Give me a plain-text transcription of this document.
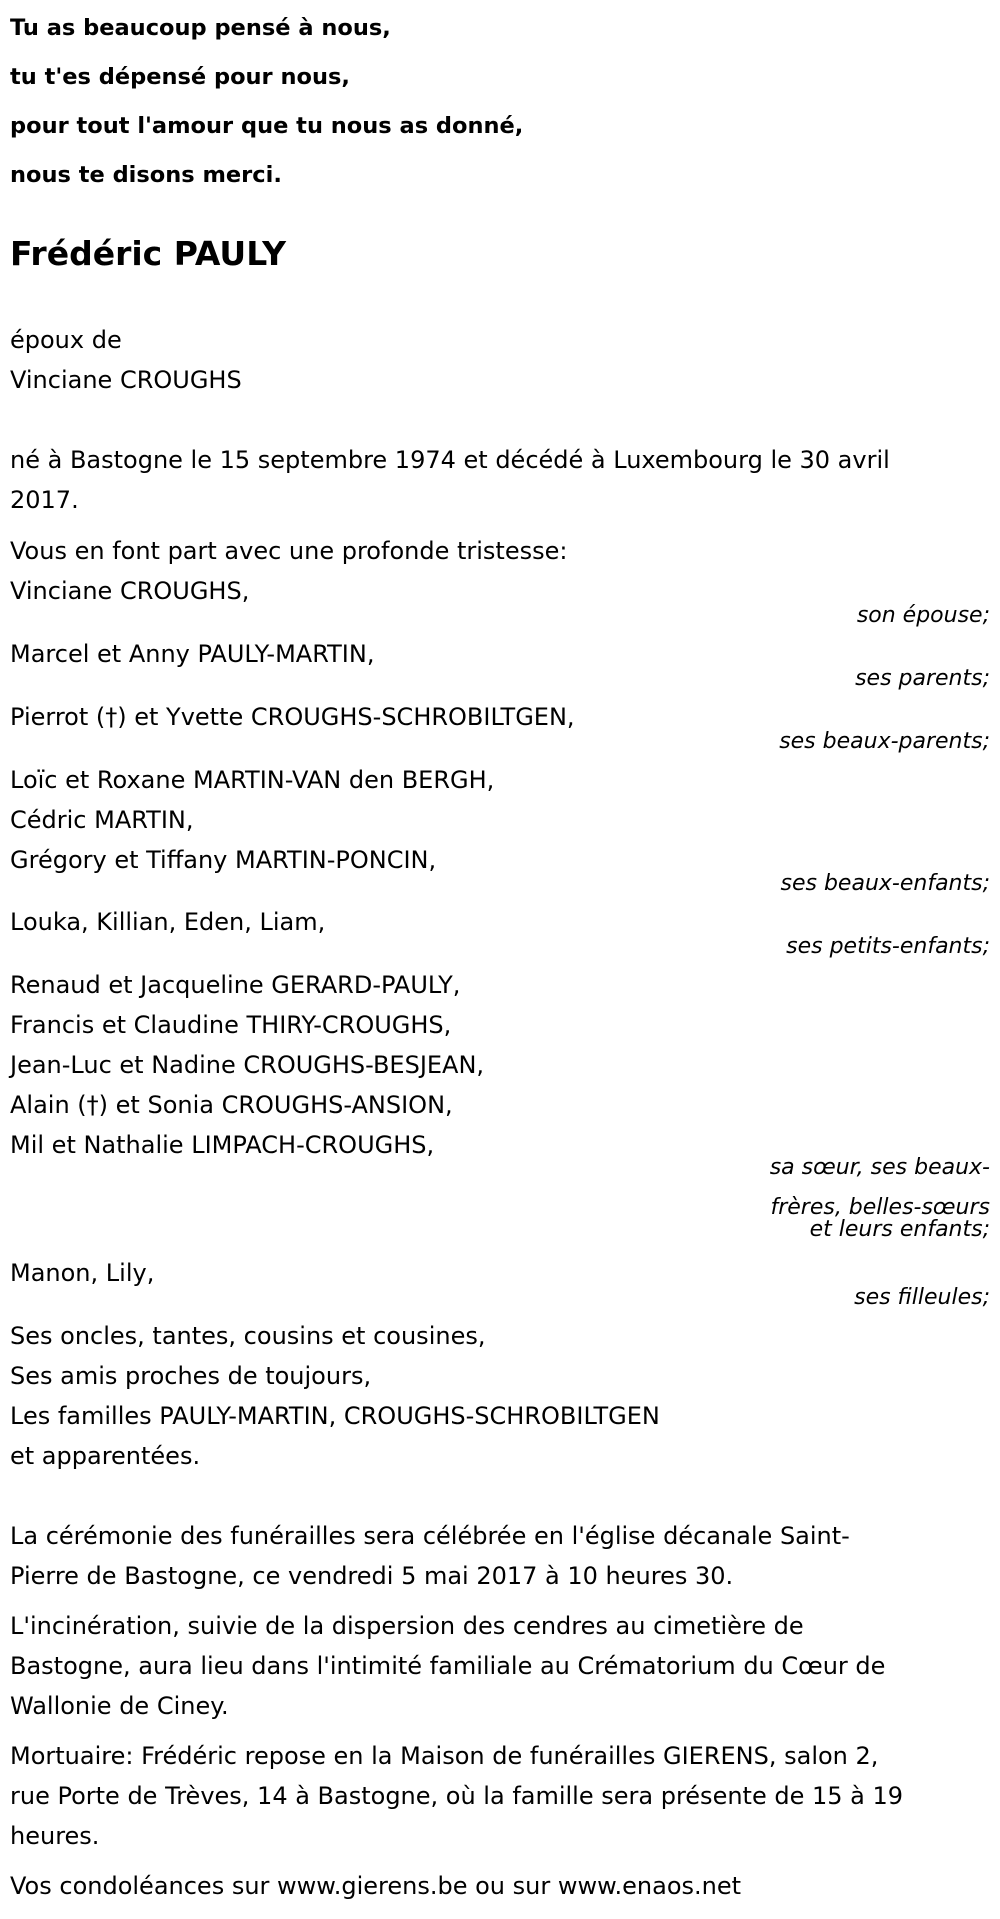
Tu as beaucoup pensé à nous,
tu t'es dépensé pour nous,
pour tout l'amour que tu nous as donné,
nous te disons merci.
Frédéric PAULY
époux de
Vinciane CROUGHS
né à Bastogne le 15 septembre 1974 et décédé à Luxembourg le 30 avril
2017.
Vous en font part avec une profonde tristesse:
Vinciane CROUGHS,
son épouse;
Marcel et Anny PAULY-MARTIN,
ses parents;
Pierrot (†) et Yvette CROUGHS-SCHROBILTGEN,
ses beaux-parents;
Loïc et Roxane MARTIN-VAN den BERGH,
Cédric MARTIN,
Grégory et Tiffany MARTIN-PONCIN,
ses beaux-enfants;
Louka, Killian, Eden, Liam,
ses petits-enfants;
Renaud et Jacqueline GERARD-PAULY,
Francis et Claudine THIRY-CROUGHS,
Jean-Luc et Nadine CROUGHS-BESJEAN,
Alain (†) et Sonia CROUGHS-ANSION,
Mil et Nathalie LIMPACH-CROUGHS,
sa sœur, ses beaux-
frères, belles-sœurs
et leurs enfants;
Manon, Lily,
ses filleules;
Ses oncles, tantes, cousins et cousines,
Ses amis proches de toujours,
Les familles PAULY-MARTIN, CROUGHS-SCHROBILTGEN
et apparentées.
La cérémonie des funérailles sera célébrée en l'église décanale Saint-
Pierre de Bastogne, ce vendredi 5 mai 2017 à 10 heures 30.
L'incinération, suivie de la dispersion des cendres au cimetière de
Bastogne, aura lieu dans l'intimité familiale au Crématorium du Cœur de
Wallonie de Ciney.
Mortuaire: Frédéric repose en la Maison de funérailles GIERENS, salon 2,
rue Porte de Trèves, 14 à Bastogne, où la famille sera présente de 15 à 19
heures.
Vos condoléances sur www.gierens.be ou sur www.enaos.net
